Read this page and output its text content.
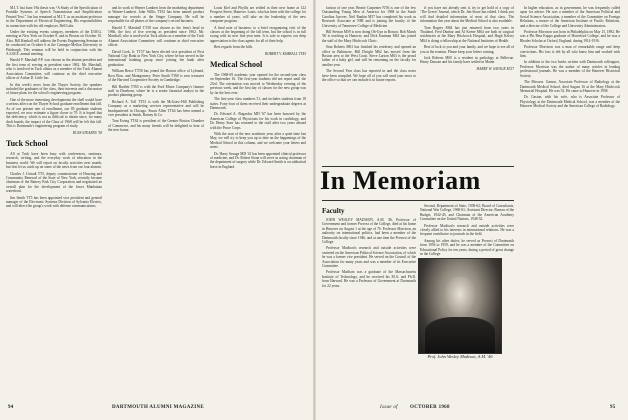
M.I.T. last June. His thesis was “A Study of the Specification of Portable Systems of Speech Transmission and Amplification Printed Text.” Jon has remained at M.I.T. as an assistant professor in the Department of Electrical Engineering. His responsibilities in connection with his old employer, Bell Labs.

Under the existing events category, members of the D.M.G. meeting in New York on October 8, and in Boston on October 10. Also, Bill Kimball will address the Events Engineering Seminar to be conducted on October 6 at the Carnegie-Mellon University in Pittsburgh. This seminar will be held in conjunction with the A.S.M.E. annual meeting.

Harold P. Marshall P.P. was chosen as the alumni president and the first term of serving as president since 1962. Mr. Marshall, who is involved in Tuck affairs as a member of the Tuck Alumni Association Committee, will continue as the chief executive officer of Arthur D. Little Inc.

In this week's news from the Thayer Society, the speakers included the graduates of the class, their interests and a discussion of future plans for the school's engineering program.

One of the more interesting developments the shell would have a serious affect on the Thayer School graduate enrollment that fall. As of our present rate of enrollment, our 85 graduate students expected, we now estimate a figure closer to 70. It is hoped that the deficiency, which is not as difficult to obtain since, for many draft boards, the impact of the Class of 1968 will be felt this fall. This is Dartmouth's engineering program of study.

RUSS STEARNS '38

Tuck School

All at Tuck have been busy with conferences, seminars, research, writing, and the everyday work of education in the business world. We will report on faculty activities next month, but first let us catch up on some of the news from our four alumni.

Charles J. Urstadt TT5, deputy commissioner of Housing and Community Renewal of the State of New York, recently became chairman of the Battery Park City Corporation and negotiated an overall plan for the development of the lower Manhattan waterfront.

Jim Smith TT5 has been appointed vice president and general manager of the Electronic Systems Division of Sylvania Electric, and will direct the group's work with defense communications.

and its work to Warner Lambert from the marketing department at Warner-Lambert. John Willis TT61 has been named product manager for records at the Singer Company. He will be responsible for all phases of the company's record business.

Harold T. Marshall TT38 was chosen as the firm's head in 1966, the first of five serving as president since 1962. Mr. Marshall, who is involved in Tuck affairs as a member of the Tuck Alumni Association Committee, will continue as chief executive officer.

David Cook, Jr. TT57 has been elected vice president of First National City Bank in New York City, where he has served in the international banking group since joining the bank after graduation.

William Bruce TT58 has joined the Boston office of Lybrand, Ross Bros. and Montgomery. Peter Smith TT60 is now treasurer of the Harvard Cooperative Society in Cambridge.

Bill Bartlett TT65 is with the Ford Motor Company's finance staff in Dearborn, where he is a senior financial analyst in the product planning group.

Richard A. Toll TT53 is with the McGraw-Hill Publishing Company as a marketing services representative and will be headquartered in Chicago. Stuart Allen TT64 has been named a vice president at Smith, Barney & Co.

Tom Ewing TT62 is president of the Greater Boston Chamber of Commerce, and his many friends will be delighted to hear of the new honor.

Louis Kiel and Phyllis are settled in their new home at 122 Prospect Street, Hanover. Louis, who has been with the college for a number of years, will take on the leadership of the new computer program.

A final note of business: to a brief reorganizing visit of the classes at the beginning of the fall term, but the school is in full swing with its new first-year men. It is safe to express our deep appreciation to the class agents for all of their help.

Best regards from the hills.

ROBERT V. KIMBALL TT45

Medical School

The 1968-69 academic year opened for the second-year class on September 16. The first-year students did not report until the 23rd. The orientation was moved to Wednesday evening of the previous week, and the first day of classes for the new group was by far the best ever.

The first-year class numbers 51, and includes students from 18 states. Forty-four of them received their undergraduate degrees at Dartmouth.

Dr. Edward A. Bogardus MD '67 has been honored by the American College of Physicians for his work in cardiology, and Dr. Henry Starr has returned to the staff after two years abroad with the Peace Corps.

With the start of the new academic year, after a quiet time last May, we will try to keep you up to date on the happenings of the Medical School in this column, and we welcome your letters and notes.

Dr. Harry Savage MD '41 has been appointed clinical professor of medicine, and Dr. Robert Stone will serve as acting chairman of the department of surgery while Dr. Edward Smith is on sabbatical leave in England.

94	DARTMOUTH ALUMNI MAGAZINE

faction of one year. Bernie Carpenter N'56 is one of the few Outstanding Young Men of America for 1968 in the South Carolina Jaycees. Neil Rankin M57 has completed his work as Research Associate at NIH and is joining the faculty of the University of Tennessee College of Medicine.

Bill Stetson M59 is now doing Ob-Gyn in Boston. Bob Marsh '60 is teaching in Hanover, and Dick Eastman M61 has joined the staff of the Mary Hitchcock Clinic.

Stan Roberts M61 has finished his residency and opened an office in Baltimore. Bill Dwight M62 has moved from the Boston area to the West Coast. Steve Larson M63 is the proud father of a baby girl, and will be remaining on the faculty for another year.

The Second Year class has reported in and the class notes have been compiled. We hope all of you will send your news to the office so that we can include it in future reports.

if you have not already sent it, try to get hold of a copy of ‘The Green’ Journal, which Dr. Jim Stone has edited. I think you will find detailed information of most of that class. The information this year about the Medical School is also available.

Tom Rogers M64 has just returned from two years in Thailand. Fred Dunbar and Al Keene M64 are both in surgical residencies at the Mary Hitchcock Hospital, and Hugh Kelsey M64 is doing a fellowship at the National Institutes of Health.

Best of luck to you and your family, and we hope to see all of you at the reunion. Please keep your letters coming.

Jack Roberts M65 is a resident in pathology at Bellevue. Henry Duncan and his family have settled in Maine.

HARRY W. SAVAGE M'27

In higher education, as in government, he was frequently called upon for advice. He was a member of the American Political and Social Science Association, a member of the Committee on Foreign Relations, a trustee of the American Institute of Pacific Relations, and a director of the College and University Administrators.

Professor Morrison was born in Philadelphia on May 15, 1892. He was a Phi Beta Kappa graduate of Haverford College, and he was a Rhodes Scholar at Oxford, England, during 1914-1916.

Professor Morrison was a man of remarkable range and deep convictions. His loss is felt by all who knew him and worked with him.

In addition to the two books written with Dartmouth colleagues, Professor Morrison was the author of many articles in leading professional journals. He was a member of the Hanover Historical Society.

The Messers. Gaston, Associate Professor of Radiology at the Dartmouth Medical School, died August 16 at the Mary Hitchcock Memorial Hospital. He was 52. He came to Hanover in 1958.

Dr. Gaston, with his wife, who is Associate Professor of Physiology at the Dartmouth Medical School, was a member of the Hanover Medical Society and the American College of Radiology.

In Memoriam

Faculty

JOHN WESLEY MADISON, A.M. '46, Professor of Government and former Provost of the College, died at his home in Hanover on August 1 at the age of 76. Professor Morrison, an authority on international politics, had been a member of the Dartmouth faculty since 1946, and at one time the Provost of the College.

Professor Madison's research and outside activities were centered on the American Political Science Association, of which he was a former vice president. He served on the Council of the Association for many years and was a member of its Executive Committee.

Professor Madison was a graduate of the Massachusetts Institute of Technology, and he received his M.A. and Ph.D. from Harvard. He was a Professor of Government at Dartmouth for 22 years.

Second, Department of State, 1958-62; Board of Consultants, National War College, 1960-61; Assistant Director, Bureau of the Budget, 1942-43; and Chairman of the American Academy Committee on the United Nations, 1948-52.

Professor Madison's research and outside activities were closely allied to his interests in international relations. He was a frequent contributor to journals in the field.

Among his other duties, he served as Provost of Dartmouth from 1956 to 1959, and he was a member of the Committee on Educational Policy for ten years, during a period of great change in the College.

Prof. John Wesley Madison, A.M. '46
Issue of OCTOBER 1968	95
